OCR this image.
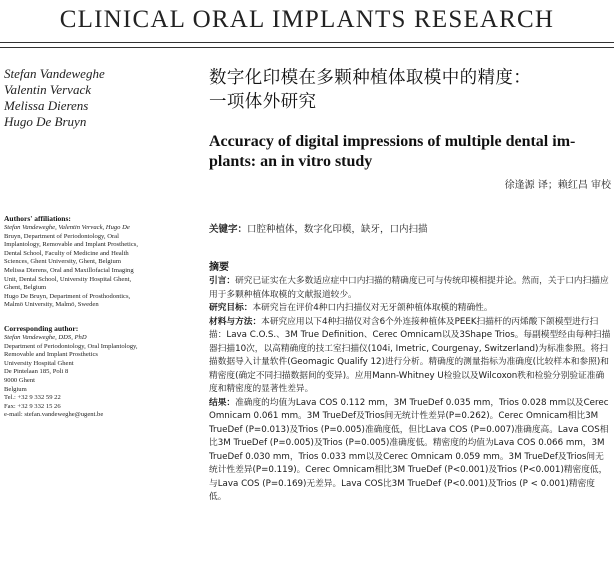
CLINICAL ORAL IMPLANTS RESEARCH
Stefan Vandeweghe
Valentin Vervack
Melissa Dierens
Hugo De Bruyn
Authors' affiliations:
Stefan Vandeweghe, Valentin Vervack, Hugo De
Bruyn, Department of Periodontology, Oral
Implantology, Removable and Implant Prosthetics,
Dental School, Faculty of Medicine and Health
Sciences, Ghent University, Ghent, Belgium
Melissa Dierens, Oral and Maxillofacial Imaging
Unit, Dental School, University Hospital Ghent,
Ghent, Belgium
Hugo De Bruyn, Department of Prosthodontics,
Malmö University, Malmö, Sweden
Corresponding author:
Stefan Vandeweghe, DDS, PhD
Department of Periodontology, Oral Implantology,
Removable and Implant Prosthetics
University Hospital Ghent
De Pintelaan 185, Poli 8
9000 Ghent
Belgium
Tel.: +32 9 332 59 22
Fax: +32 9 332 15 26
e-mail: stefan.vandeweghe@ugent.be
数字化印模在多颗种植体取模中的精度：
一项体外研究
Accuracy of digital impressions of multiple dental im-
plants: an in vitro study
徐逢源 译；赖红昌 审校
关键字：口腔种植体，数字化印模，缺牙，口内扫描
摘要

引言：研究已证实在大多数适应症中口内扫描的精确度已可与传统印模相提并论。然而，关于口内扫描应用于多颗种植体取模的文献报道较少。

研究目标：本研究旨在评价4种口内扫描仪对无牙颌种植体取模的精确性。

材料与方法：本研究应用以下4种扫描仪对含6个外连接种植体及PEEK扫描杆的丙烯酸下颌模型进行扫描：Lava C.O.S.、3M True Definition、Cerec Omnicam以及3Shape Trios。每副模型经由每种扫描器扫描10次，以高精确度的技工室扫描仪(104i, Imetric, Courgenay, Switzerland)为标准参照。将扫描数据导入计量软件(Geomagic Qualify 12)进行分析。精确度的测量指标为准确度(比较样本和参照)和精密度(确定不同扫描数据间的变异)。应用Mann-Whitney U检验以及Wilcoxon秩和检验分别验证准确度和精密度的显著性差异。

结果：准确度的均值为Lava COS 0.112 mm，3M TrueDef 0.035 mm，Trios 0.028 mm以及Cerec Omnicam 0.061 mm。3M TrueDef及Trios间无统计性差异(P=0.262)。Cerec Omnicam相比3M TrueDef (P=0.013)及Trios (P=0.005)准确度低，但比Lava COS (P=0.007)准确度高。Lava COS相比3M TrueDef (P=0.005)及Trios (P=0.005)准确度低。精密度的均值为Lava COS 0.066 mm，3M TrueDef 0.030 mm，Trios 0.033 mm以及Cerec Omnicam 0.059 mm。3M TrueDef及Trios间无统计性差异(P=0.119)。Cerec Omnicam相比3M TrueDef (P<0.001)及Trios (P<0.001)精密度低，与Lava COS (P=0.169)无差异。Lava COS比3M TrueDef (P<0.001)及Trios (P < 0.001)精密度低。
